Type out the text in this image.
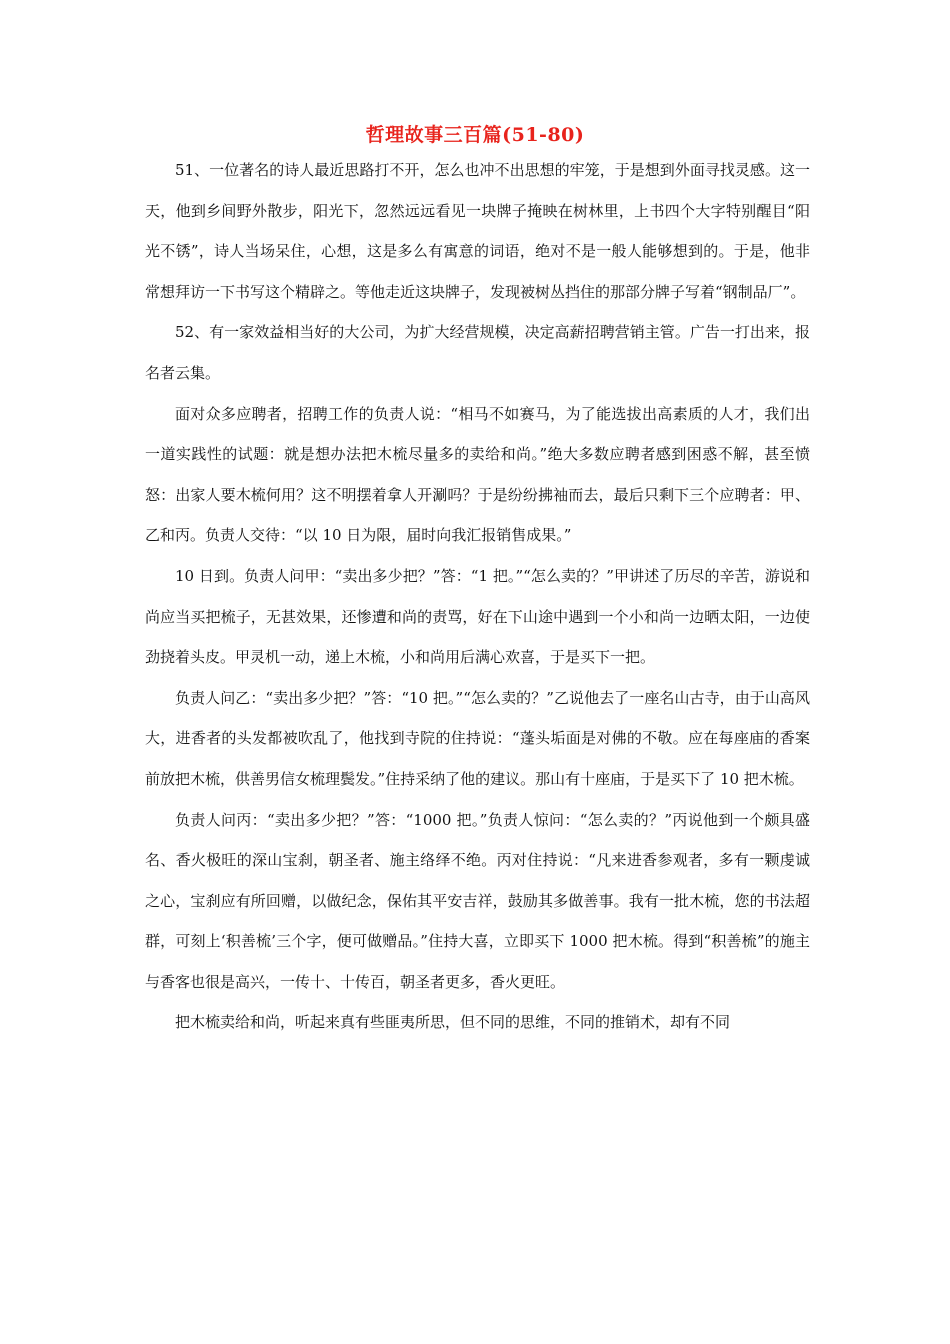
哲理故事三百篇(51-80)

51、一位著名的诗人最近思路打不开，怎么也冲不出思想的牢笼，于是想到外面寻找灵感。这一天，他到乡间野外散步，阳光下，忽然远远看见一块牌子掩映在树林里，上书四个大字特别醒目“阳光不锈”，诗人当场呆住，心想，这是多么有寓意的词语，绝对不是一般人能够想到的。于是，他非常想拜访一下书写这个精辟之。等他走近这块牌子，发现被树丛挡住的那部分牌子写着“钢制品厂”。

52、有一家效益相当好的大公司，为扩大经营规模，决定高薪招聘营销主管。广告一打出来，报名者云集。

面对众多应聘者，招聘工作的负责人说：“相马不如赛马，为了能选拔出高素质的人才，我们出一道实践性的试题：就是想办法把木梳尽量多的卖给和尚。”绝大多数应聘者感到困惑不解，甚至愤怒：出家人要木梳何用？这不明摆着拿人开涮吗？于是纷纷拂袖而去，最后只剩下三个应聘者：甲、乙和丙。负责人交待：“以 10 日为限，届时向我汇报销售成果。”

10 日到。负责人问甲：“卖出多少把？”答：“1 把。”“怎么卖的？”甲讲述了历尽的辛苦，游说和尚应当买把梳子，无甚效果，还惨遭和尚的责骂，好在下山途中遇到一个小和尚一边晒太阳，一边使劲挠着头皮。甲灵机一动，递上木梳，小和尚用后满心欢喜，于是买下一把。

负责人问乙：“卖出多少把？”答：“10 把。”“怎么卖的？”乙说他去了一座名山古寺，由于山高风大，进香者的头发都被吹乱了，他找到寺院的住持说：“蓬头垢面是对佛的不敬。应在每座庙的香案前放把木梳，供善男信女梳理鬓发。”住持采纳了他的建议。那山有十座庙，于是买下了 10 把木梳。

负责人问丙：“卖出多少把？”答：“1000 把。”负责人惊问：“怎么卖的？”丙说他到一个颇具盛名、香火极旺的深山宝刹，朝圣者、施主络绎不绝。丙对住持说：“凡来进香参观者，多有一颗虔诚之心，宝刹应有所回赠，以做纪念，保佑其平安吉祥，鼓励其多做善事。我有一批木梳，您的书法超群，可刻上‘积善梳’三个字，便可做赠品。”住持大喜，立即买下 1000 把木梳。得到“积善梳”的施主与香客也很是高兴，一传十、十传百，朝圣者更多，香火更旺。

把木梳卖给和尚，听起来真有些匪夷所思，但不同的思维，不同的推销术，却有不同
